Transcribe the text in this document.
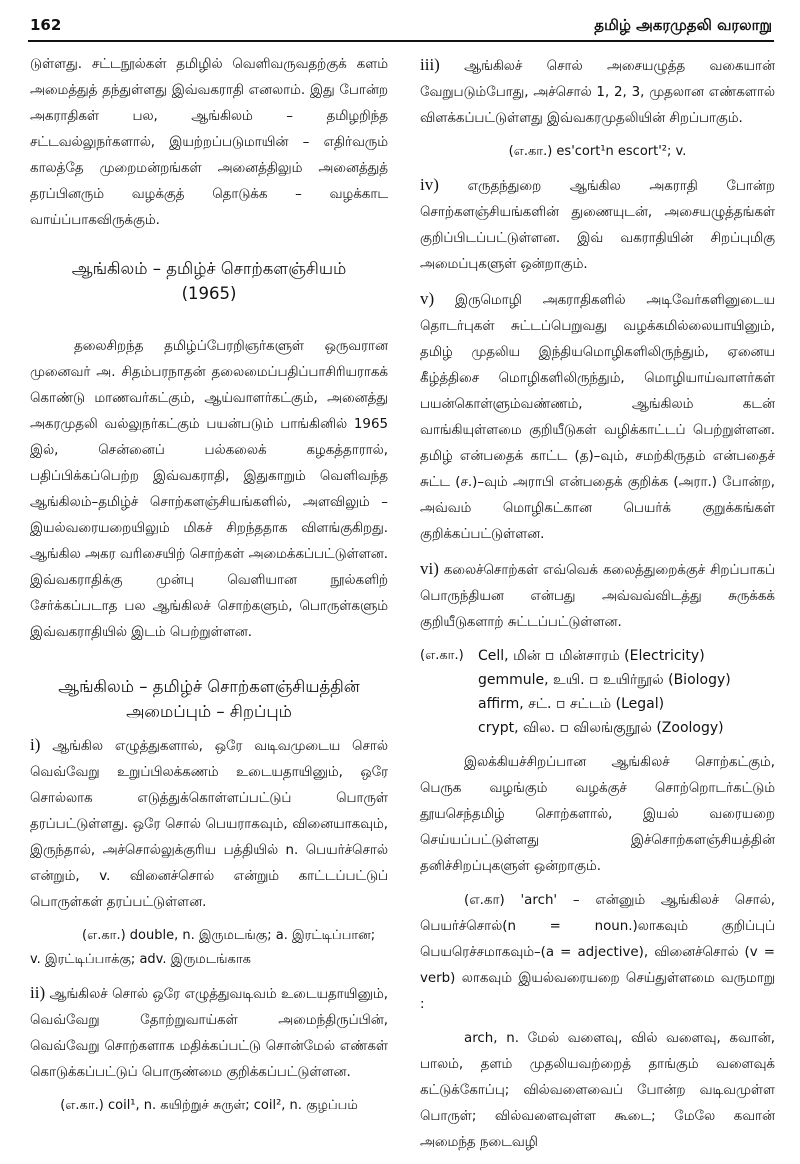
162	தமிழ் அகரமுதலி வரலாறு

டுள்ளது. சட்டநூல்கள் தமிழில் வெளிவருவதற்குக் களம் அமைத்துத் தந்துள்ளது இவ்வகராதி எனலாம். இது போன்ற அகராதிகள் பல, ஆங்கிலம் – தமிழறிந்த சட்டவல்லுநர்களால், இயற்றப்படுமாயின் – எதிர்வரும் காலத்தே முறைமன்றங்கள் அனைத்திலும் அனைத்துத் தரப்பினரும் வழக்குத் தொடுக்க – வழக்காட வாய்ப்பாகவிருக்கும்.

ஆங்கிலம் – தமிழ்ச் சொற்களஞ்சியம்
(1965)

தலைசிறந்த தமிழ்ப்பேரறிஞர்களுள் ஒருவரான முனைவர் அ. சிதம்பரநாதன் தலைமைப்பதிப்பாசிரியராகக் கொண்டு மாணவர்கட்கும், ஆய்வாளர்கட்கும், அனைத்து அகரமுதலி வல்லுநர்கட்கும் பயன்படும் பாங்கினில் 1965 இல், சென்னைப் பல்கலைக் கழகத்தாரால், பதிப்பிக்கப்பெற்ற இவ்வகராதி, இதுகாறும் வெளிவந்த ஆங்கிலம்–தமிழ்ச் சொற்களஞ்சியங்களில், அளவிலும் – இயல்வரையறையிலும் மிகச் சிறந்ததாக விளங்குகிறது. ஆங்கில அகர வரிசையிற் சொற்கள் அமைக்கப்பட்டுள்ளன. இவ்வகராதிக்கு முன்பு வெளியான நூல்களிற் சேர்க்கப்படாத பல ஆங்கிலச் சொற்களும், பொருள்களும் இவ்வகராதியில் இடம் பெற்றுள்ளன.

ஆங்கிலம் – தமிழ்ச் சொற்களஞ்சியத்தின்
அமைப்பும் – சிறப்பும்

i) ஆங்கில எழுத்துகளால், ஒரே வடிவமுடைய சொல் வெவ்வேறு உறுப்பிலக்கணம் உடையதாயினும், ஒரே சொல்லாக எடுத்துக்கொள்ளப்பட்டுப் பொருள் தரப்பட்டுள்ளது. ஒரே சொல் பெயராகவும், வினையாகவும், இருந்தால், அச்சொல்லுக்குரிய பத்தியில் n. பெயர்ச்சொல் என்றும், v. வினைச்சொல் என்றும் காட்டப்பட்டுப் பொருள்கள் தரப்பட்டுள்ளன.

(எ.கா.) double, n. இருமடங்கு; a. இரட்டிப்பான;
v. இரட்டிப்பாக்கு; adv. இருமடங்காக

ii) ஆங்கிலச் சொல் ஒரே எழுத்துவடிவம் உடையதாயினும், வெவ்வேறு தோற்றுவாய்கள் அமைந்திருப்பின், வெவ்வேறு சொற்களாக மதிக்கப்பட்டு சொன்மேல் எண்கள் கொடுக்கப்பட்டுப் பொருண்மை குறிக்கப்பட்டுள்ளன.

(எ.கா.) coil¹, n. கயிற்றுச் சுருள்; coil², n. குழப்பம்

iii) ஆங்கிலச் சொல் அசையழுத்த வகையான் வேறுபடும்போது, அச்சொல் 1, 2, 3, முதலான எண்களால் விளக்கப்பட்டுள்ளது இவ்வகரமுதலியின் சிறப்பாகும்.

(எ.கா.) es'cort¹n escort'²; v.

iv) எருதந்துறை ஆங்கில அகராதி போன்ற சொற்களஞ்சியங்களின் துணையுடன், அசையழுத்தங்கள் குறிப்பிடப்பட்டுள்ளன. இவ் வகராதியின் சிறப்புமிகு அமைப்புகளுள் ஒன்றாகும்.

v) இருமொழி அகராதிகளில் அடிவேர்களினுடைய தொடர்புகள் சுட்டப்பெறுவது வழக்கமில்லையாயினும், தமிழ் முதலிய இந்தியமொழிகளிலிருந்தும், ஏனைய கீழ்த்திசை மொழிகளிலிருந்தும், மொழியாய்வாளர்கள் பயன்கொள்ளும்வண்ணம், ஆங்கிலம் கடன் வாங்கியுள்ளமை குறியீடுகள் வழிக்காட்டப் பெற்றுள்ளன. தமிழ் என்பதைக் காட்ட (த)–வும், சமற்கிருதம் என்பதைச் சுட்ட (ச.)–வும் அராபி என்பதைக் குறிக்க (அரா.) போன்ற, அவ்வம் மொழிகட்கான பெயர்க் குறுக்கங்கள் குறிக்கப்பட்டுள்ளன.

vi) கலைச்சொற்கள் எவ்வெக் கலைத்துறைக்குச் சிறப்பாகப் பொருந்தியன என்பது அவ்வவ்விடத்து சுருக்கக் குறியீடுகளாற் சுட்டப்பட்டுள்ளன.

(எ.கா.)	Cell, மின் ▫ மின்சாரம் (Electricity)
gemmule, உயி. ▫ உயிர்நூல் (Biology)
affirm, சட். ▫ சட்டம் (Legal)
crypt, வில. ▫ விலங்குநூல் (Zoology)

இலக்கியச்சிறப்பான ஆங்கிலச் சொற்கட்கும், பெருக வழங்கும் வழக்குச் சொற்றொடர்கட்டும் தூயசெந்தமிழ் சொற்களால், இயல் வரையறை செய்யப்பட்டுள்ளது இச்சொற்களஞ்சியத்தின் தனிச்சிறப்புகளுள் ஒன்றாகும்.

(எ.கா) 'arch' – என்னும் ஆங்கிலச் சொல், பெயர்ச்சொல்(n = noun.)லாகவும் குறிப்புப் பெயரெச்சமாகவும்–(a = adjective), வினைச்சொல் (v = verb) லாகவும் இயல்வரையறை செய்துள்ளமை வருமாறு :

arch, n. மேல் வளைவு, வில் வளைவு, கவான், பாலம், தளம் முதலியவற்றைத் தாங்கும் வளைவுக் கட்டுக்கோப்பு; வில்வளைவைப் போன்ற வடிவமுள்ள பொருள்; வில்வளைவுள்ள கூடை; மேலே கவான் அமைந்த நடைவழி
